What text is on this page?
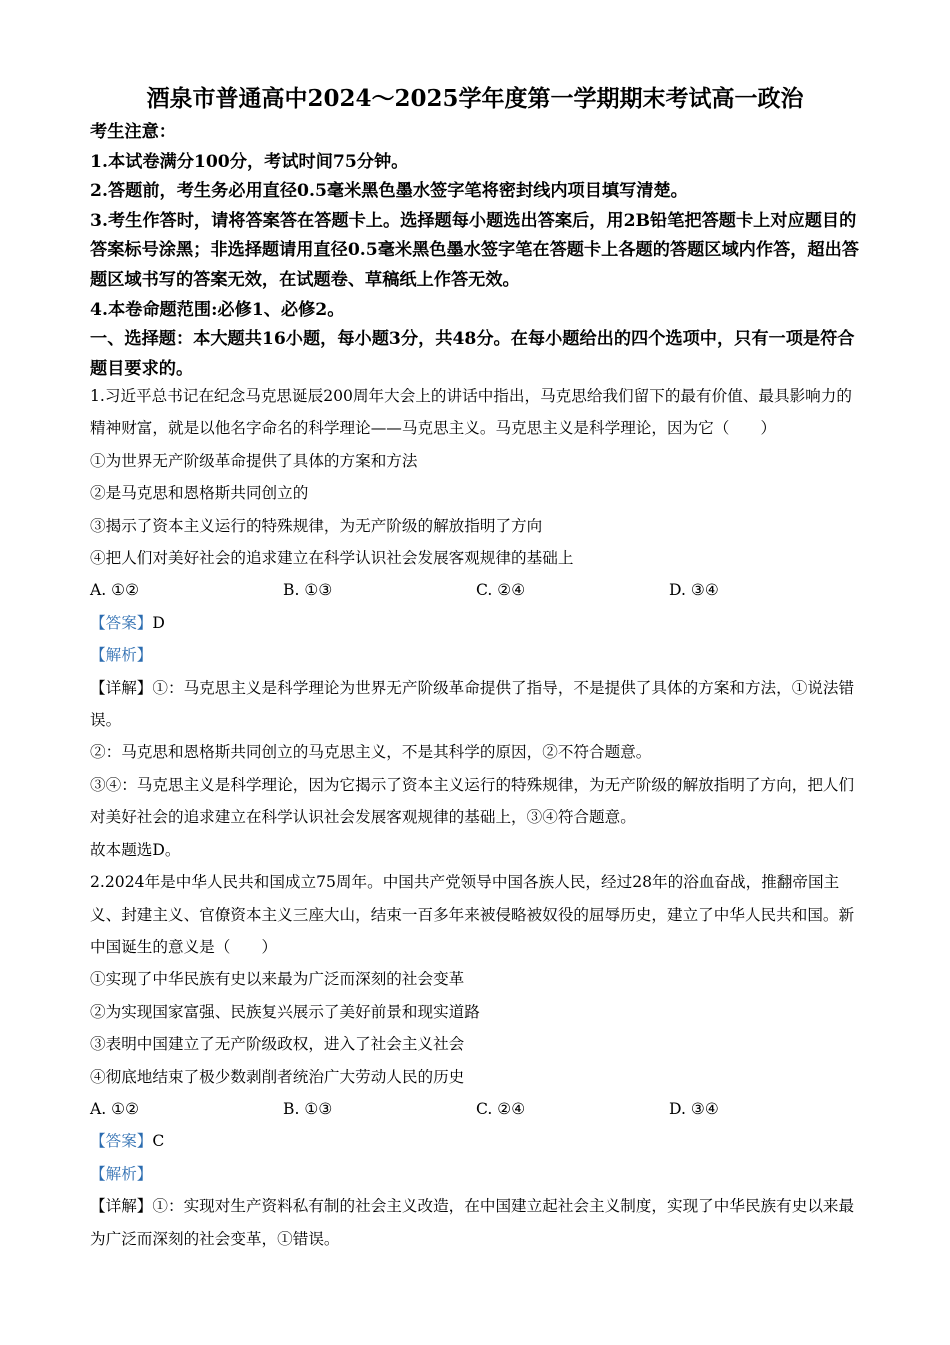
酒泉市普通高中2024～2025学年度第一学期期末考试高一政治

考生注意：

1.本试卷满分100分，考试时间75分钟。

2.答题前，考生务必用直径0.5毫米黑色墨水签字笔将密封线内项目填写清楚。

3.考生作答时，请将答案答在答题卡上。选择题每小题选出答案后，用2B铅笔把答题卡上对应题目的答案标号涂黑；非选择题请用直径0.5毫米黑色墨水签字笔在答题卡上各题的答题区域内作答，超出答题区域书写的答案无效，在试题卷、草稿纸上作答无效。

4.本卷命题范围:必修1、必修2。

一、选择题：本大题共16小题，每小题3分，共48分。在每小题给出的四个选项中，只有一项是符合题目要求的。

1.习近平总书记在纪念马克思诞辰200周年大会上的讲话中指出，马克思给我们留下的最有价值、最具影响力的精神财富，就是以他名字命名的科学理论——马克思主义。马克思主义是科学理论，因为它（　　）

①为世界无产阶级革命提供了具体的方案和方法

②是马克思和恩格斯共同创立的

③揭示了资本主义运行的特殊规律，为无产阶级的解放指明了方向

④把人们对美好社会的追求建立在科学认识社会发展客观规律的基础上

A. ①②	B. ①③	C. ②④	D. ③④

【答案】D

【解析】

【详解】①：马克思主义是科学理论为世界无产阶级革命提供了指导，不是提供了具体的方案和方法，①说法错误。

②：马克思和恩格斯共同创立的马克思主义，不是其科学的原因，②不符合题意。

③④：马克思主义是科学理论，因为它揭示了资本主义运行的特殊规律，为无产阶级的解放指明了方向，把人们对美好社会的追求建立在科学认识社会发展客观规律的基础上，③④符合题意。

故本题选D。

2.2024年是中华人民共和国成立75周年。中国共产党领导中国各族人民，经过28年的浴血奋战，推翻帝国主义、封建主义、官僚资本主义三座大山，结束一百多年来被侵略被奴役的屈辱历史，建立了中华人民共和国。新中国诞生的意义是（　　）

①实现了中华民族有史以来最为广泛而深刻的社会变革

②为实现国家富强、民族复兴展示了美好前景和现实道路

③表明中国建立了无产阶级政权，进入了社会主义社会

④彻底地结束了极少数剥削者统治广大劳动人民的历史

A. ①②	B. ①③	C. ②④	D. ③④

【答案】C

【解析】

【详解】①：实现对生产资料私有制的社会主义改造，在中国建立起社会主义制度，实现了中华民族有史以来最为广泛而深刻的社会变革，①错误。
